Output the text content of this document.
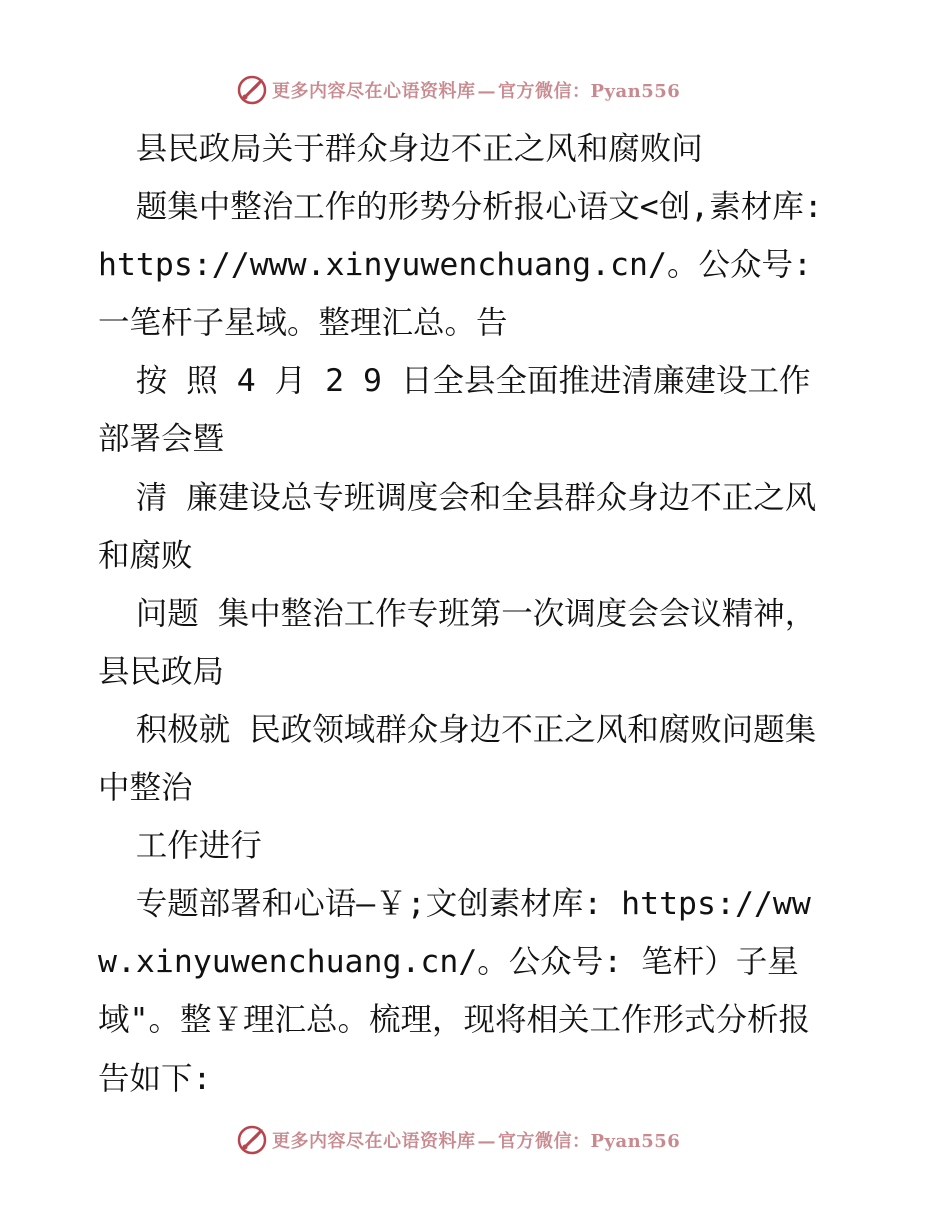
更多内容尽在心语资料库 — 官方微信：Pyan556

县民政局关于群众身边不正之风和腐败问

题集中整治工作的形势分析报心语文<创,素材库: https://www.xinyuwenchuang.cn/。公众号: 一笔杆子星域。整理汇总。告

按 照 4 月 2 9 日全县全面推进清廉建设工作部署会暨

清 廉建设总专班调度会和全县群众身边不正之风和腐败

问题 集中整治工作专班第一次调度会会议精神，县民政局

积极就 民政领域群众身边不正之风和腐败问题集中整治

工作进行

专题部署和心语—￥;文创素材库: https://www.xinyuwenchuang.cn/。公众号: 笔杆）子星域"。整￥理汇总。梳理，现将相关工作形式分析报告如下:

更多内容尽在心语资料库 — 官方微信：Pyan556
